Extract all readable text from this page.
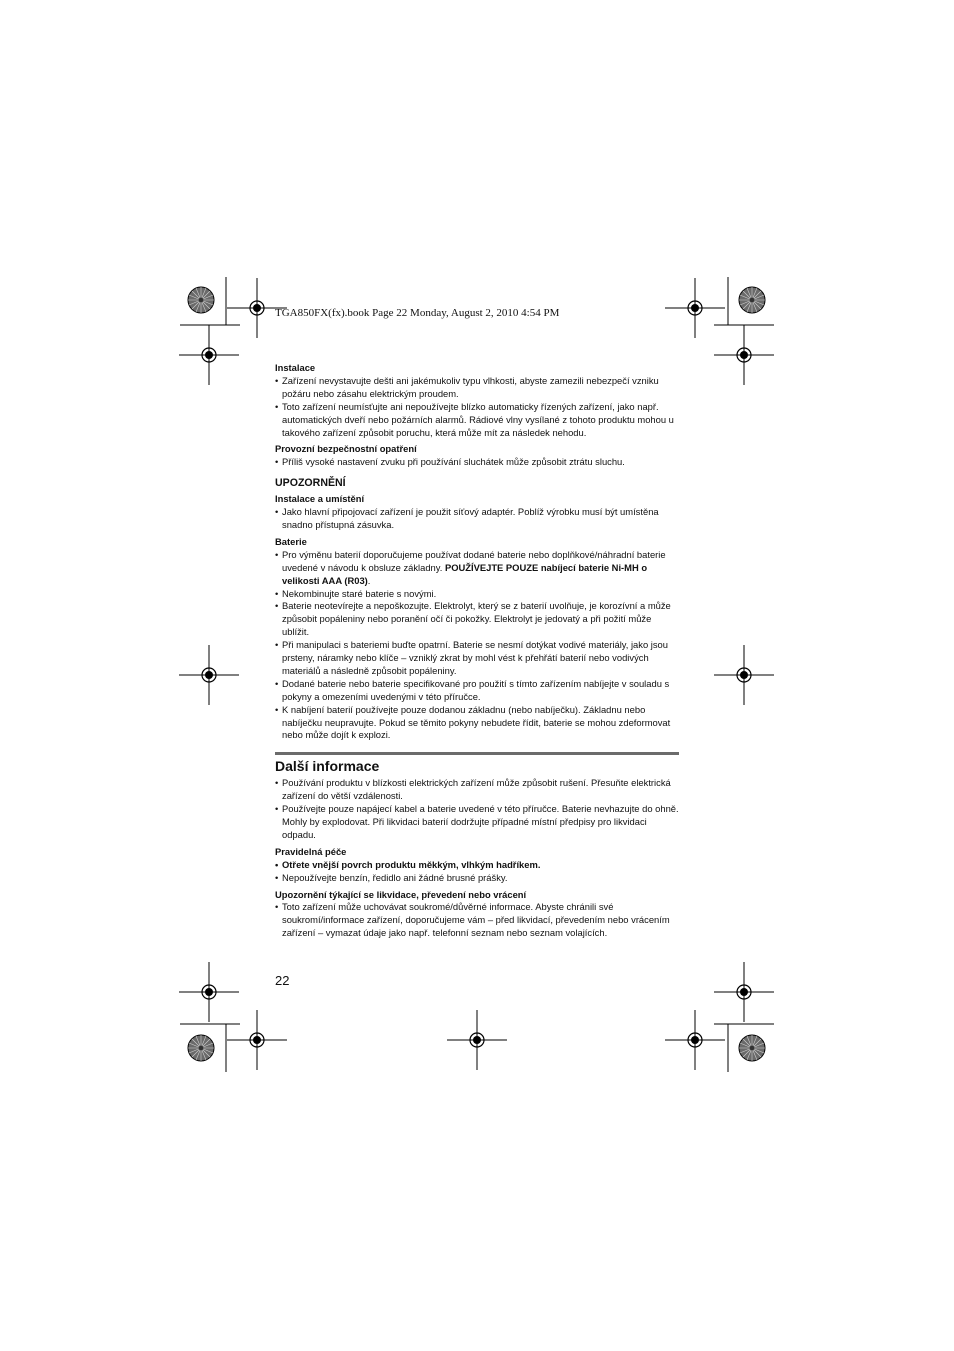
TGA850FX(fx).book Page 22 Monday, August 2, 2010 4:54 PM
Instalace
• Zařízení nevystavujte dešti ani jakémukoliv typu vlhkosti, abyste zamezili nebezpečí vzniku požáru nebo zásahu elektrickým proudem.
• Toto zařízení neumísťujte ani nepoužívejte blízko automaticky řízených zařízení, jako např. automatických dveří nebo požárních alarmů. Rádiové vlny vysílané z tohoto produktu mohou u takového zařízení způsobit poruchu, která může mít za následek nehodu.
Provozní bezpečnostní opatření
• Příliš vysoké nastavení zvuku při používání sluchátek může způsobit ztrátu sluchu.
UPOZORNĚNÍ
Instalace a umístění
• Jako hlavní připojovací zařízení je použit síťový adaptér. Poblíž výrobku musí být umístěna snadno přístupná zásuvka.
Baterie
• Pro výměnu baterií doporučujeme používat dodané baterie nebo doplňkové/náhradní baterie uvedené v návodu k obsluze základny. POUŽÍVEJTE POUZE nabíjecí baterie Ni-MH o velikosti AAA (R03).
• Nekombinujte staré baterie s novými.
• Baterie neotevírejte a nepoškozujte. Elektrolyt, který se z baterií uvolňuje, je korozívní a může způsobit popáleniny nebo poranění očí či pokožky. Elektrolyt je jedovatý a při požití může ublížit.
• Při manipulaci s bateriemi buďte opatrní. Baterie se nesmí dotýkat vodivé materiály, jako jsou prsteny, náramky nebo klíče – vzniklý zkrat by mohl vést k přehřátí baterií nebo vodivých materiálů a následně způsobit popáleniny.
• Dodané baterie nebo baterie specifikované pro použití s tímto zařízením nabíjejte v souladu s pokyny a omezeními uvedenými v této příručce.
• K nabíjení baterií používejte pouze dodanou základnu (nebo nabíječku). Základnu nebo nabíječku neupravujte. Pokud se těmito pokyny nebudete řídit, baterie se mohou zdeformovat nebo může dojít k explozi.
Další informace
• Používání produktu v blízkosti elektrických zařízení může způsobit rušení. Přesuňte elektrická zařízení do větší vzdálenosti.
• Používejte pouze napájecí kabel a baterie uvedené v této příručce. Baterie nevhazujte do ohně. Mohly by explodovat. Při likvidaci baterií dodržujte případné místní předpisy pro likvidaci odpadu.
Pravidelná péče
• Otřete vnější povrch produktu měkkým, vlhkým hadříkem.
• Nepoužívejte benzín, ředidlo ani žádné brusné prášky.
Upozornění týkající se likvidace, převedení nebo vrácení
• Toto zařízení může uchovávat soukromé/důvěrné informace. Abyste chránili své soukromí/informace zařízení, doporučujeme vám – před likvidací, převedením nebo vrácením zařízení – vymazat údaje jako např. telefonní seznam nebo seznam volajících.
22
